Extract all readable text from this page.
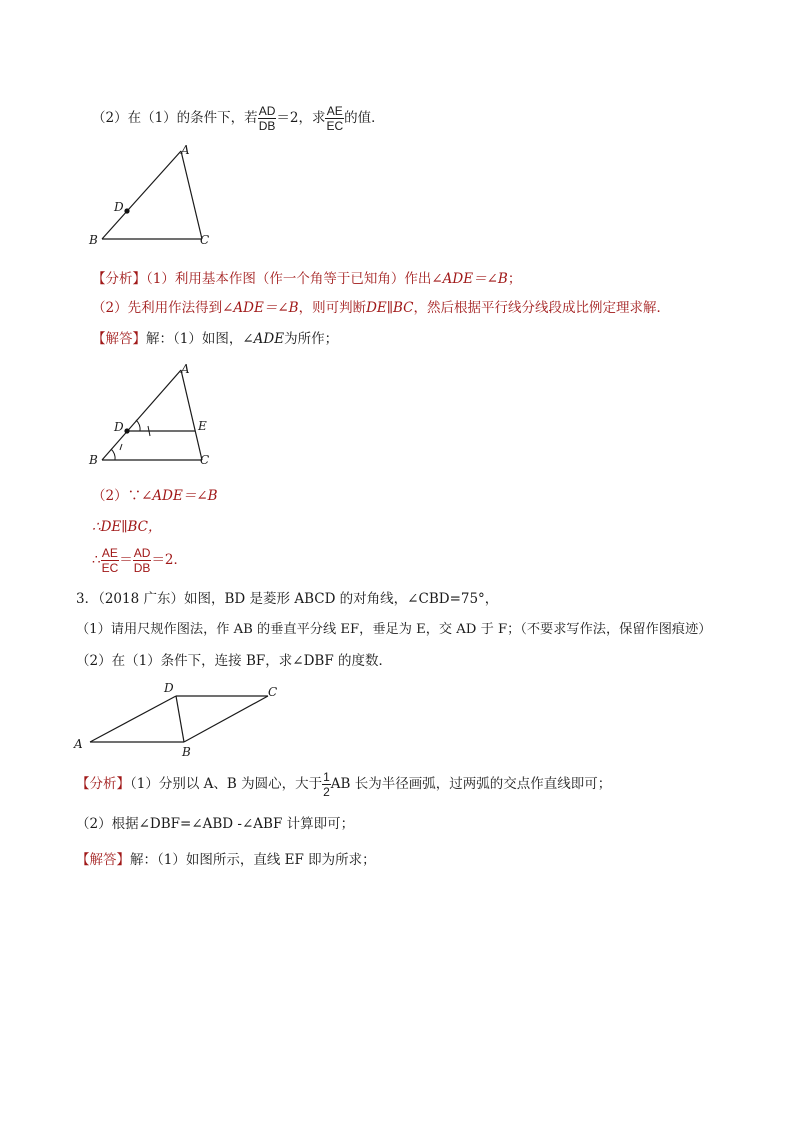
（2）在（1）的条件下，若 $\frac{AD}{DB} =2$，求 $\frac{AE}{EC}$ 的值．
A
B	C
D
【分析】（1）利用基本作图（作一个角等于已知角）作出∠ADE＝∠B；
（2）先利用作法得到∠ADE＝∠B，则可判断DE∥BC，然后根据平行线分线段成比例定理求解．
【解答】解：（1）如图，∠ADE为所作；
A
B	C
D	E
（2）∵∠ADE＝∠B
∴DE∥BC，
∴ $\frac{AE}{EC} = \frac{AD}{DB} =2$．
3．（2018 广东）如图，BD 是菱形 ABCD 的对角线，∠CBD=75°，
（1）请用尺规作图法，作 AB 的垂直平分线 EF，垂足为 E，交 AD 于 F；（不要求写作法，保留作图痕迹）
（2）在（1）条件下，连接 BF，求∠DBF 的度数．
A
B
C
D
【分析】（1）分别以 A、B 为圆心，大于 $\frac{1}{2}$ AB 长为半径画弧，过两弧的交点作直线即可；
（2）根据∠DBF=∠ABD -∠ABF 计算即可；
【解答】解：（1）如图所示，直线 EF 即为所求；
